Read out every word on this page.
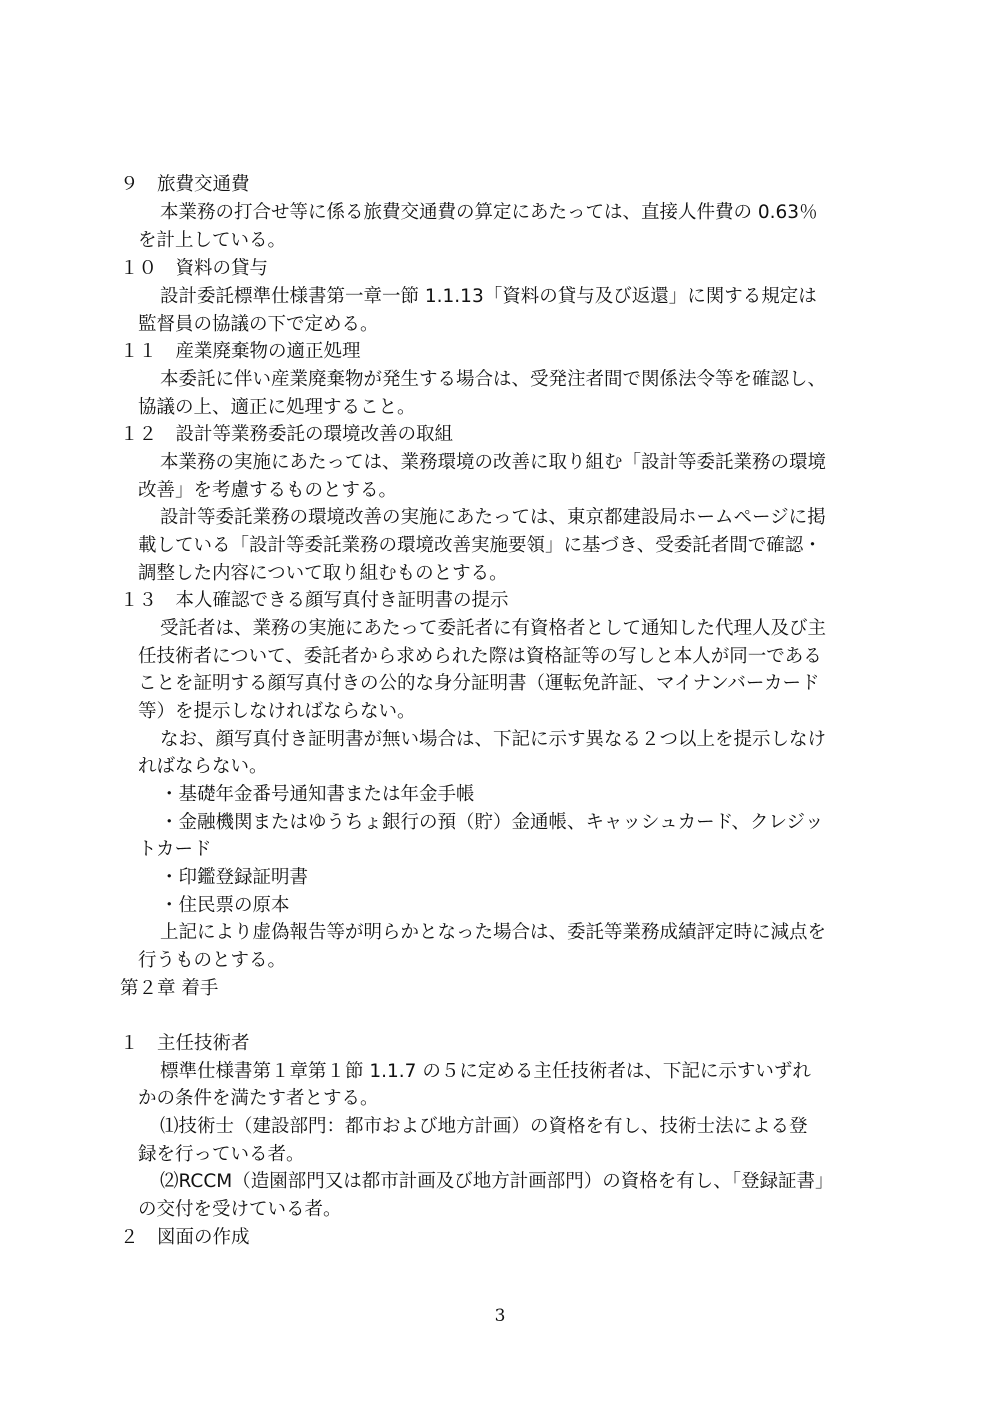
９　旅費交通費
本業務の打合せ等に係る旅費交通費の算定にあたっては、直接人件費の 0.63％
を計上している。
１０　資料の貸与
設計委託標準仕様書第一章一節 1.1.13「資料の貸与及び返還」に関する規定は
監督員の協議の下で定める。
１１　産業廃棄物の適正処理
本委託に伴い産業廃棄物が発生する場合は、受発注者間で関係法令等を確認し、
協議の上、適正に処理すること。
１２　設計等業務委託の環境改善の取組
本業務の実施にあたっては、業務環境の改善に取り組む「設計等委託業務の環境
改善」を考慮するものとする。
設計等委託業務の環境改善の実施にあたっては、東京都建設局ホームページに掲
載している「設計等委託業務の環境改善実施要領」に基づき、受委託者間で確認・
調整した内容について取り組むものとする。
１３　本人確認できる顔写真付き証明書の提示
受託者は、業務の実施にあたって委託者に有資格者として通知した代理人及び主
任技術者について、委託者から求められた際は資格証等の写しと本人が同一である
ことを証明する顔写真付きの公的な身分証明書（運転免許証、マイナンバーカード
等）を提示しなければならない。
なお、顔写真付き証明書が無い場合は、下記に示す異なる２つ以上を提示しなけ
ればならない。
・基礎年金番号通知書または年金手帳
・金融機関またはゆうちょ銀行の預（貯）金通帳、キャッシュカード、クレジッ
トカード
・印鑑登録証明書
・住民票の原本
上記により虚偽報告等が明らかとなった場合は、委託等業務成績評定時に減点を
行うものとする。
第２章 着手
１　主任技術者
標準仕様書第１章第１節 1.1.7 の５に定める主任技術者は、下記に示すいずれ
かの条件を満たす者とする。
⑴技術士（建設部門：都市および地方計画）の資格を有し、技術士法による登
録を行っている者。
⑵RCCM（造園部門又は都市計画及び地方計画部門）の資格を有し、「登録証書」
の交付を受けている者。
２　図面の作成
3
